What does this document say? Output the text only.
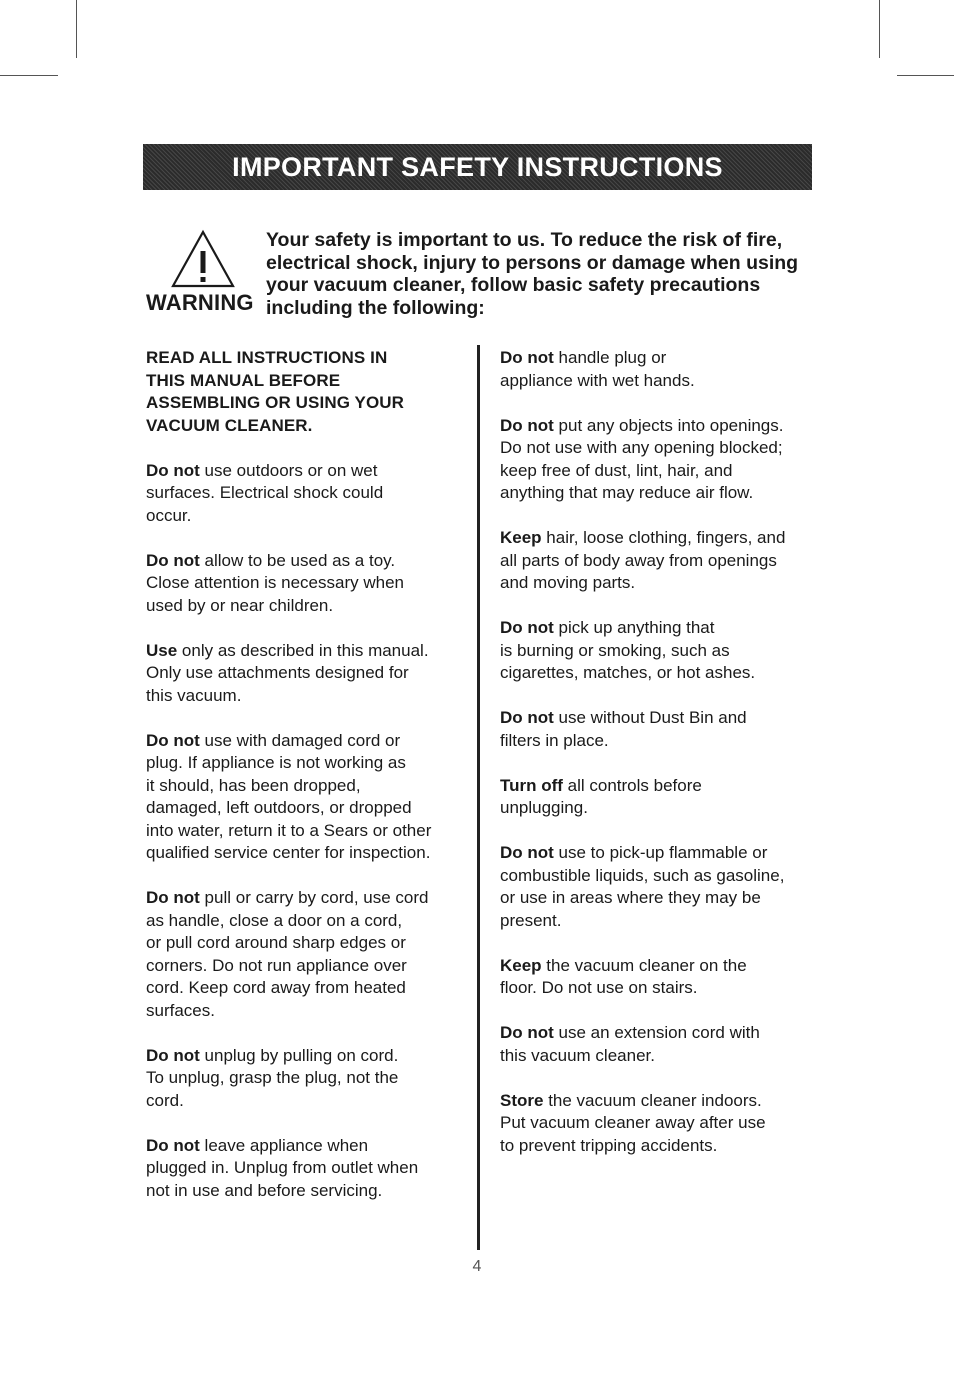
IMPORTANT SAFETY INSTRUCTIONS
WARNING
Your safety is important to us. To reduce the risk of fire, electrical shock, injury to persons or damage when using your vacuum cleaner, follow basic safety precautions including the following:
READ ALL INSTRUCTIONS IN
THIS MANUAL BEFORE
ASSEMBLING OR USING YOUR
VACUUM CLEANER.
Do not use outdoors or on wet
surfaces. Electrical shock could
occur.
Do not allow to be used as a toy.
Close attention is necessary when
used by or near children.
Use only as described in this manual.
Only use attachments designed for
this vacuum.
Do not use with damaged cord or
plug. If appliance is not working as
it should, has been dropped,
damaged, left outdoors, or dropped
into water, return it to a Sears or other
qualified service center for inspection.
Do not pull or carry by cord, use cord
as handle, close a door on a cord,
or pull cord around sharp edges or
corners. Do not run appliance over
cord. Keep cord away from heated
surfaces.
Do not unplug by pulling on cord.
To unplug, grasp the plug, not the
cord.
Do not leave appliance when
plugged in. Unplug from outlet when
not in use and before servicing.
Do not handle plug or
appliance with wet hands.
Do not put any objects into openings.
Do not use with any opening blocked;
keep free of dust, lint, hair, and
anything that may reduce air flow.
Keep hair, loose clothing, fingers, and
all parts of body away from openings
and moving parts.
Do not pick up anything that
is burning or smoking, such as
cigarettes, matches, or hot ashes.
Do not use without Dust Bin and
filters in place.
Turn off all controls before
unplugging.
Do not use to pick-up flammable or
combustible liquids, such as gasoline,
or use in areas where they may be
present.
Keep the vacuum cleaner on the
floor. Do not use on stairs.
Do not use an extension cord with
this vacuum cleaner.
Store the vacuum cleaner indoors.
Put vacuum cleaner away after use
to prevent tripping accidents.
4
